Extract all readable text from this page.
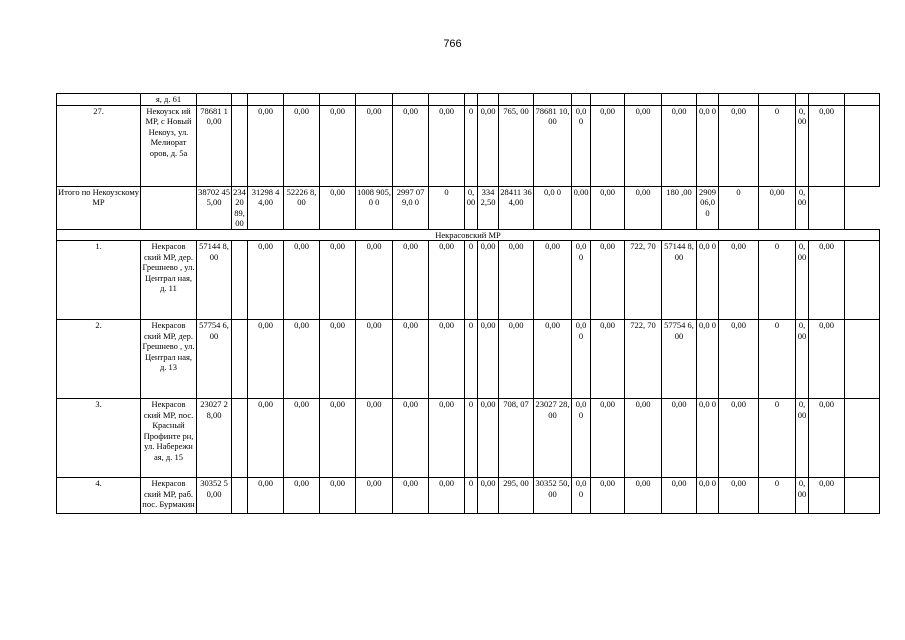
766
	я, д. 61																						
27.	Некоузск ий МР, с Новый Некоуз, ул. Мелиорат оров, д. 5а	78681 10,00		0,00	0,00	0,00	0,00	0,00	0,00	0	0,00	765, 00	78681 10,00	0,0 0	0,00	0,00	0,00	0,0 0	0,00	0	0,00	0,00	
Итого по Некоузскому МР		38702 455,00	23420 89,00	31298 44,00	52226 8,00	0,00	1008 905,0 0	2997 079,0 0	0	0,00	334 2,50	28411 364,00	0,0 0	0,00	0,00	0,00	180 ,00	2909 06,00	0	0,00	0,00		
Некрасовский МР																							
1.	Некрасов ский МР, дер. Грешнево , ул. Централ ная, д. 11	57144 8,00		0,00	0,00	0,00	0,00	0,00	0,00	0	0,00	0,00	0,00	0,0 0	0,00	722, 70	57144 8,00	0,0 0	0,00	0	0,00	0,00	
2.	Некрасов ский МР, дер. Грешнево , ул. Централ ная, д. 13	57754 6,00		0,00	0,00	0,00	0,00	0,00	0,00	0	0,00	0,00	0,00	0,0 0	0,00	722, 70	57754 6,00	0,0 0	0,00	0	0,00	0,00	
3.	Некрасов ский МР, пос. Красный Профинте рн, ул. Набережн ая, д. 15	23027 28,00		0,00	0,00	0,00	0,00	0,00	0,00	0	0,00	708, 07	23027 28,00	0,0 0	0,00	0,00	0,00	0,0 0	0,00	0	0,00	0,00	
4.	Некрасов ский МР, раб. пос. Бурмакин	30352 50,00		0,00	0,00	0,00	0,00	0,00	0,00	0	0,00	295, 00	30352 50,00	0,0 0	0,00	0,00	0,00	0,0 0	0,00	0	0,00	0,00	
